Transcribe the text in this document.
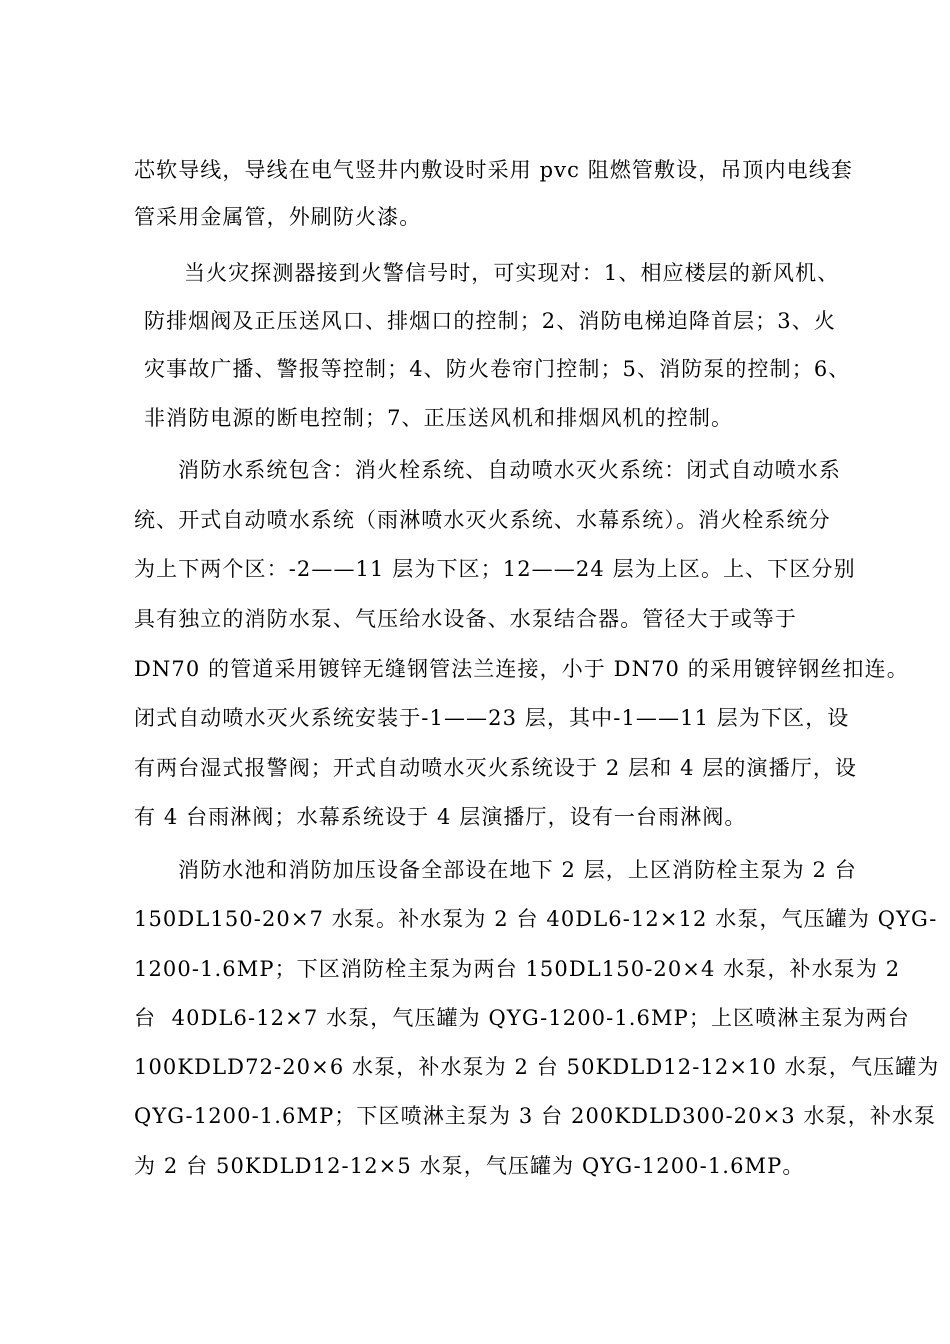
芯软导线，导线在电气竖井内敷设时采用 pvc 阻燃管敷设，吊顶内电线套
管采用金属管，外刷防火漆。
当火灾探测器接到火警信号时，可实现对：1、相应楼层的新风机、
防排烟阀及正压送风口、排烟口的控制；2、消防电梯迫降首层；3、火
灾事故广播、警报等控制；4、防火卷帘门控制；5、消防泵的控制；6、
非消防电源的断电控制；7、正压送风机和排烟风机的控制。
消防水系统包含：消火栓系统、自动喷水灭火系统：闭式自动喷水系
统、开式自动喷水系统（雨淋喷水灭火系统、水幕系统）。消火栓系统分
为上下两个区：-2——11 层为下区；12——24 层为上区。上、下区分别
具有独立的消防水泵、气压给水设备、水泵结合器。管径大于或等于
DN70 的管道采用镀锌无缝钢管法兰连接，小于 DN70 的采用镀锌钢丝扣连。
闭式自动喷水灭火系统安装于-1——23 层，其中-1——11 层为下区，设
有两台湿式报警阀；开式自动喷水灭火系统设于 2 层和 4 层的演播厅，设
有 4 台雨淋阀；水幕系统设于 4 层演播厅，设有一台雨淋阀。
消防水池和消防加压设备全部设在地下 2 层，上区消防栓主泵为 2 台
150DL150-20×7 水泵。补水泵为 2 台 40DL6-12×12 水泵，气压罐为 QYG-
1200-1.6MP；下区消防栓主泵为两台 150DL150-20×4 水泵，补水泵为 2
台  40DL6-12×7 水泵，气压罐为 QYG-1200-1.6MP；上区喷淋主泵为两台
100KDLD72-20×6 水泵，补水泵为 2 台 50KDLD12-12×10 水泵，气压罐为
QYG-1200-1.6MP；下区喷淋主泵为 3 台 200KDLD300-20×3 水泵，补水泵
为 2 台 50KDLD12-12×5 水泵，气压罐为 QYG-1200-1.6MP。
